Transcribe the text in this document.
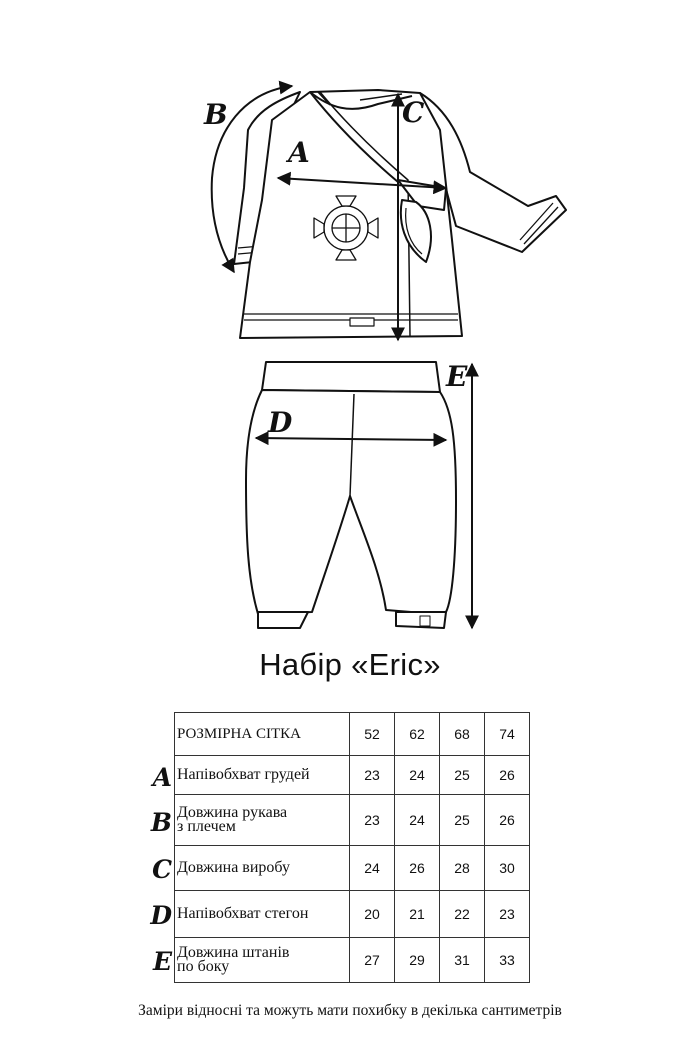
B
A
C
D
E
Набір «Eric»
РОЗМІРНА СІТКА	52	62	68	74
Напівобхват грудей	23	24	25	26

Довжина рукава
з плечем	23	24	25	26
Довжина виробу	24	26	28	30
Напівобхват стегон	20	21	22	23

Довжина штанів
по боку	27	29	31	33
A
B
C
D
E
Заміри відносні та можуть мати похибку в декілька сантиметрів
